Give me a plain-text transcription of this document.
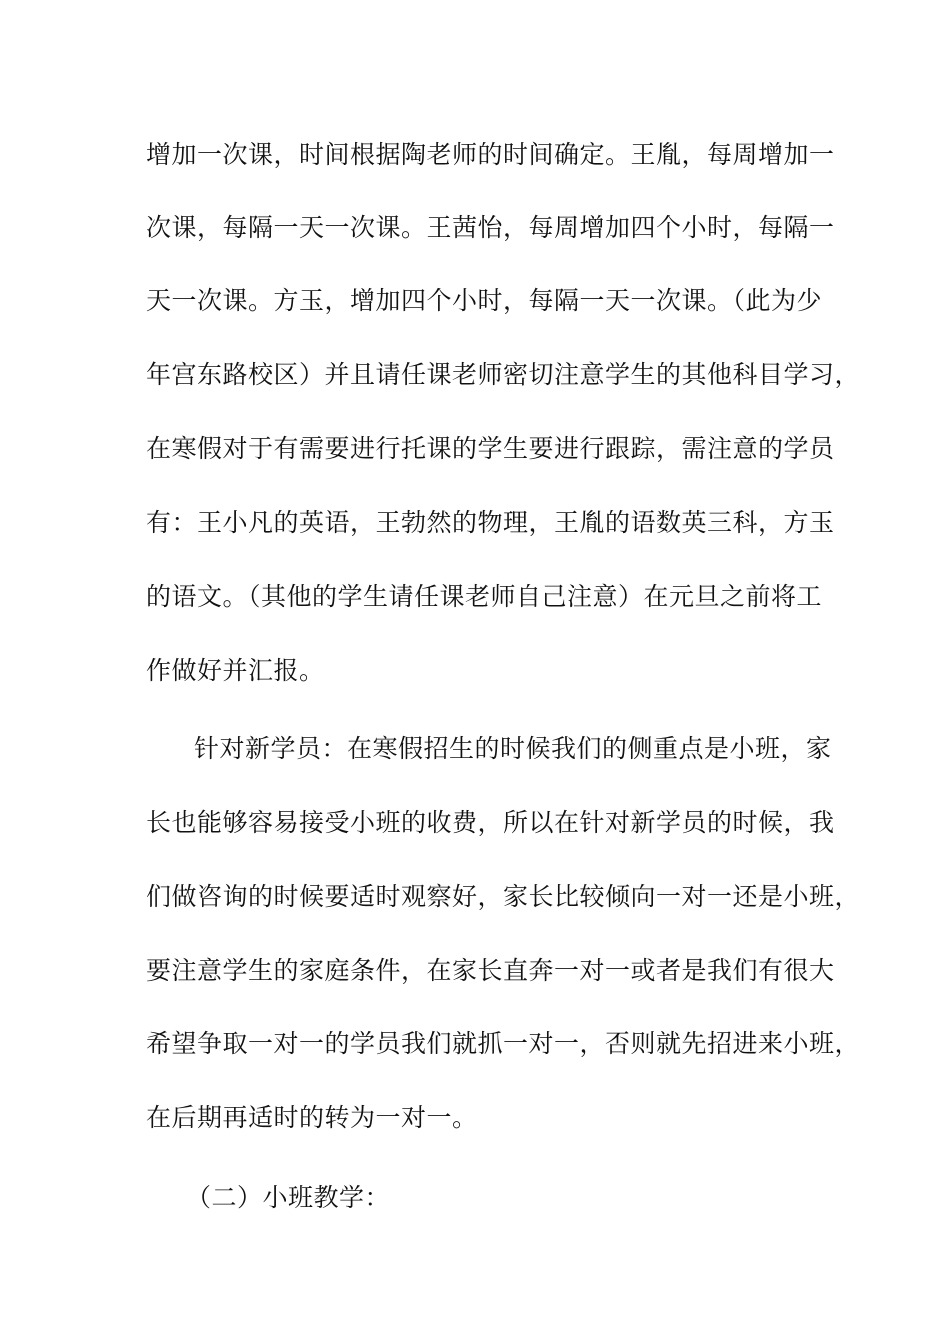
增加一次课，时间根据陶老师的时间确定。王胤，每周增加一
次课，每隔一天一次课。王茜怡，每周增加四个小时，每隔一
天一次课。方玉，增加四个小时，每隔一天一次课。（此为少
年宫东路校区）并且请任课老师密切注意学生的其他科目学习，
在寒假对于有需要进行托课的学生要进行跟踪，需注意的学员
有：王小凡的英语，王勃然的物理，王胤的语数英三科，方玉
的语文。（其他的学生请任课老师自己注意）在元旦之前将工
作做好并汇报。
针对新学员：在寒假招生的时候我们的侧重点是小班，家
长也能够容易接受小班的收费，所以在针对新学员的时候，我
们做咨询的时候要适时观察好，家长比较倾向一对一还是小班，
要注意学生的家庭条件，在家长直奔一对一或者是我们有很大
希望争取一对一的学员我们就抓一对一，否则就先招进来小班，
在后期再适时的转为一对一。
（二）小班教学：
